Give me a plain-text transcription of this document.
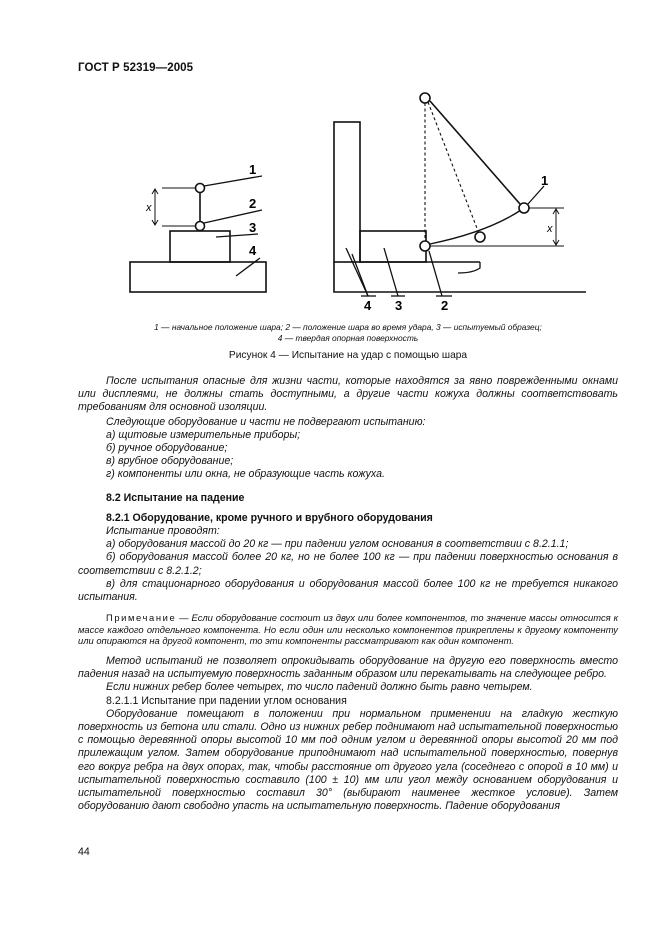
ГОСТ Р 52319—2005
1
2
3
4
x
1
x
4 3	2
1 — начальное положение шара; 2 — положение шара во время удара, 3 — испытуемый образец;
4 — твердая опорная поверхность
Рисунок 4 — Испытание на удар с помощью шара

После испытания опасные для жизни части, которые находятся за явно поврежденными окнами или дисплеями, не должны стать доступными, а другие части кожуха должны соответствовать требованиям для основной изоляции.

Следующие оборудование и части не подвергают испытанию:

а) щитовые измерительные приборы;

б) ручное оборудование;

в) врубное оборудование;

г) компоненты или окна, не образующие часть кожуха.

8.2 Испытание на падение

8.2.1 Оборудование, кроме ручного и врубного оборудования

Испытание проводят:

а) оборудования массой до 20 кг — при падении углом основания в соответствии с 8.2.1.1;

б) оборудования массой более 20 кг, но не более 100 кг — при падении поверхностью основания в соответствии с 8.2.1.2;

в) для стационарного оборудования и оборудования массой более 100 кг не требуется никакого испытания.

Примечание — Если оборудование состоит из двух или более компонентов, то значение массы относится к массе каждого отдельного компонента. Но если один или несколько компонентов прикреплены к другому компоненту или опираются на другой компонент, то эти компоненты рассматривают как один компонент.

Метод испытаний не позволяет опрокидывать оборудование на другую его поверхность вместо падения назад на испытуемую поверхность заданным образом или перекатывать на следующее ребро.

Если нижних ребер более четырех, то число падений должно быть равно четырем.

8.2.1.1 Испытание при падении углом основания

Оборудование помещают в положении при нормальном применении на гладкую жесткую поверхность из бетона или стали. Одно из нижних ребер поднимают над испытательной поверхностью с помощью деревянной опоры высотой 10 мм под одним углом и деревянной опоры высотой 20 мм под прилежащим углом. Затем оборудование приподнимают над испытательной поверхностью, повернув его вокруг ребра на двух опорах, так, чтобы расстояние от другого угла (соседнего с опорой в 10 мм) и испытательной поверхностью составило (100 ± 10) мм или угол между основанием оборудования и испытательной поверхностью составил 30° (выбирают наименее жесткое условие). Затем оборудованию дают свободно упасть на испытательную поверхность. Падение оборудования

44
